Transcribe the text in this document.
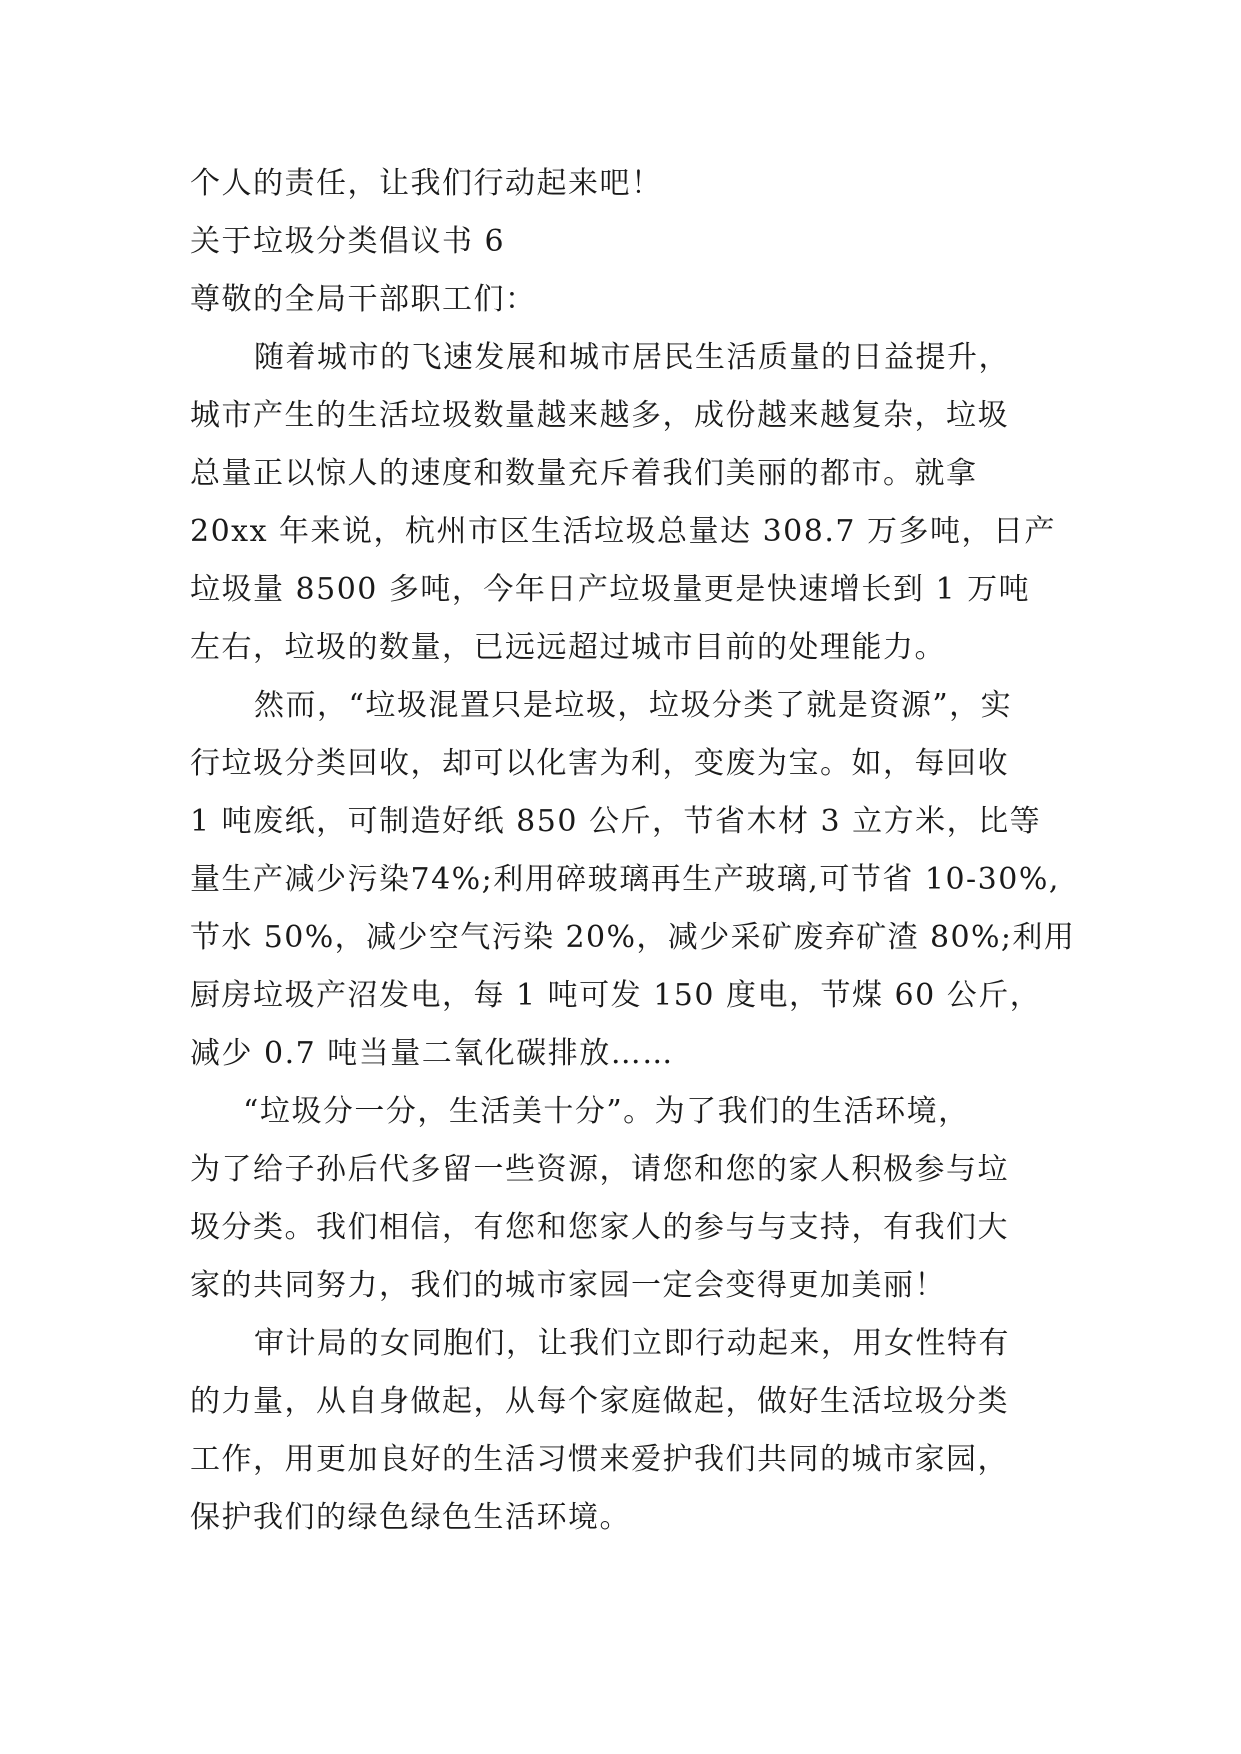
个人的责任，让我们行动起来吧！
关于垃圾分类倡议书 6
尊敬的全局干部职工们：
随着城市的飞速发展和城市居民生活质量的日益提升，
城市产生的生活垃圾数量越来越多，成份越来越复杂，垃圾
总量正以惊人的速度和数量充斥着我们美丽的都市。就拿
20xx 年来说，杭州市区生活垃圾总量达 308.7 万多吨，日产
垃圾量 8500 多吨，今年日产垃圾量更是快速增长到 1 万吨
左右，垃圾的数量，已远远超过城市目前的处理能力。
然而，“垃圾混置只是垃圾，垃圾分类了就是资源”，实
行垃圾分类回收，却可以化害为利，变废为宝。如，每回收
1 吨废纸，可制造好纸 850 公斤，节省木材 3 立方米，比等
量生产减少污染74%;利用碎玻璃再生产玻璃,可节省 10-30%,
节水 50%，减少空气污染 20%，减少采矿废弃矿渣 80%;利用
厨房垃圾产沼发电，每 1 吨可发 150 度电，节煤 60 公斤，
减少 0.7 吨当量二氧化碳排放……
“垃圾分一分，生活美十分”。为了我们的生活环境，
为了给子孙后代多留一些资源，请您和您的家人积极参与垃
圾分类。我们相信，有您和您家人的参与与支持，有我们大
家的共同努力，我们的城市家园一定会变得更加美丽！
审计局的女同胞们，让我们立即行动起来，用女性特有
的力量，从自身做起，从每个家庭做起，做好生活垃圾分类
工作，用更加良好的生活习惯来爱护我们共同的城市家园，
保护我们的绿色绿色生活环境。
